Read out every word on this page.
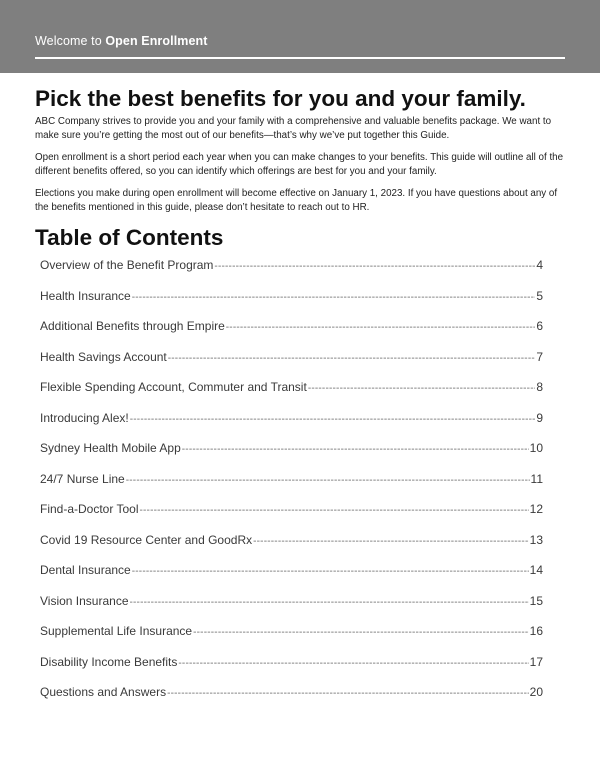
Welcome to Open Enrollment
Pick the best benefits for you and your family.

ABC Company strives to provide you and your family with a comprehensive and valuable benefits package. We want to make sure you’re getting the most out of our benefits—that’s why we’ve put together this Guide.

Open enrollment is a short period each year when you can make changes to your benefits. This guide will outline all of the different benefits offered, so you can identify which offerings are best for you and your family.

Elections you make during open enrollment will become effective on January 1, 2023. If you have questions about any of the benefits mentioned in this guide, please don’t hesitate to reach out to HR.

Table of Contents
Overview of the Benefit Program -----	4
Health Insurance -----	5
Additional Benefits through Empire -----	6
Health Savings Account -----	7
Flexible Spending Account, Commuter and Transit -----	8
Introducing Alex! -----	9
Sydney Health Mobile App -----	10
24/7 Nurse Line -----	11
Find-a-Doctor Tool -----	12
Covid 19 Resource Center and GoodRx -----	13
Dental Insurance -----	14
Vision Insurance -----	15
Supplemental Life Insurance -----	16
Disability Income Benefits -----	17
Questions and Answers -----	20
